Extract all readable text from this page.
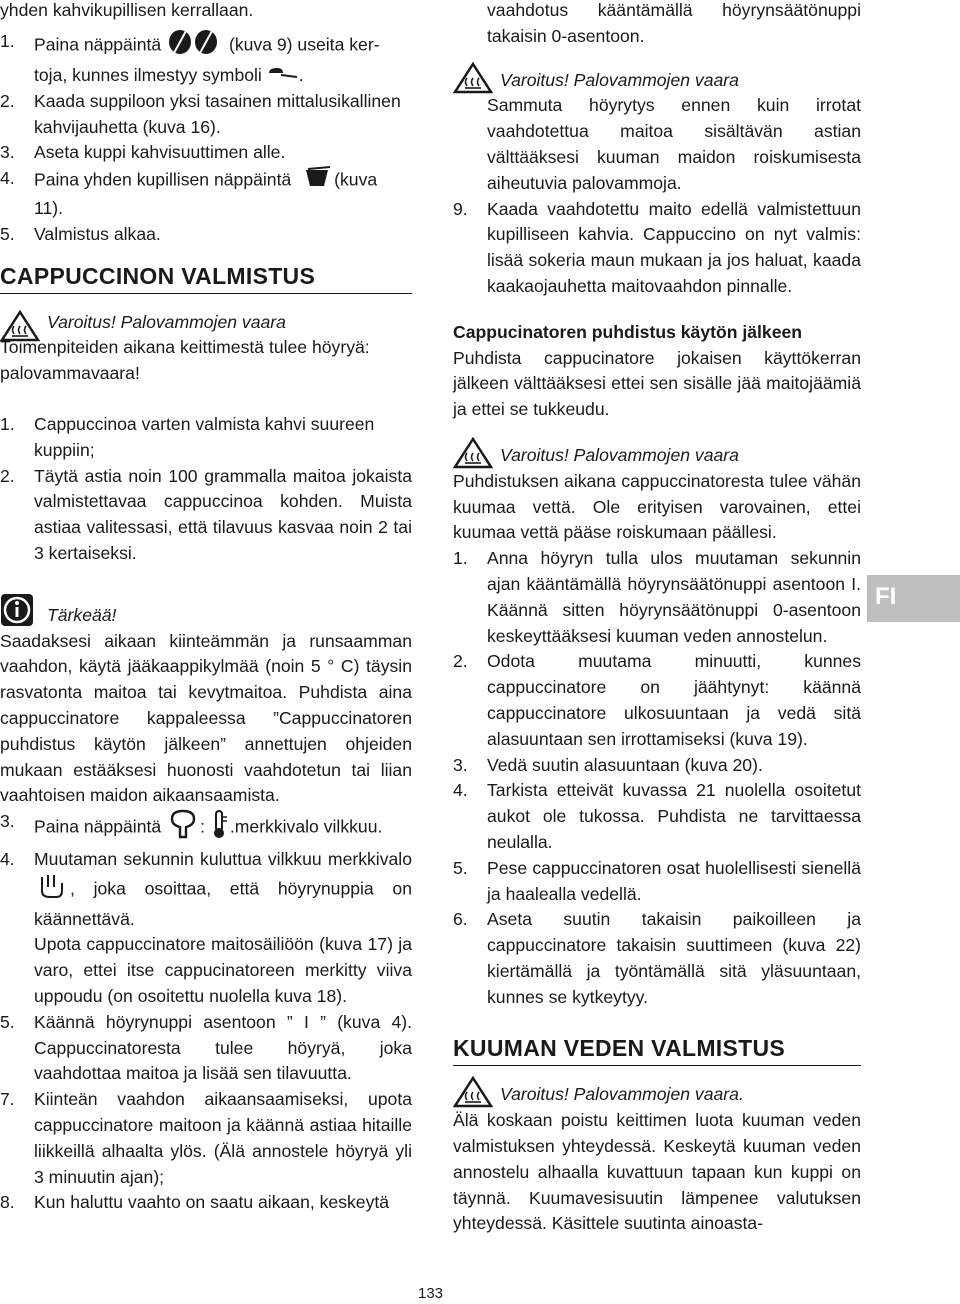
yhden kahvikupillisen kerrallaan.

1. Paina näppäintä	(kuva 9) useita ker-
toja, kunnes ilmestyy symboli .
2. Kaada suppiloon yksi tasainen mittalusikallinen kahvijauhetta (kuva 16).
3. Aseta kuppi kahvisuuttimen alle.
4. Paina yhden kupillisen näppäintä (kuva
11).
5. Valmistus alkaa.
CAPPUCCINON VALMISTUS
Varoitus! Palovammojen vaara

Toimenpiteiden aikana keittimestä tulee höyryä: palovammavaara!

1. Cappuccinoa varten valmista kahvi suureen kuppiin;
2. Täytä astia noin 100 grammalla maitoa jokaista valmistettavaa cappuccinoa kohden. Muista astiaa valitessasi, että tilavuus kasvaa noin 2 tai 3 kertaiseksi.
Tärkeää!

Saadaksesi aikaan kiinteämmän ja runsaamman vaahdon, käytä jääkaappikylmää (noin 5 ° C) täysin rasvatonta maitoa tai kevytmaitoa. Puhdista aina cappuccinatore kappaleessa ”Cappuccinatoren puhdistus käytön jälkeen” annettujen ohjeiden mukaan estääksesi huonosti vaahdotetun tai liian vaahtoisen maidon aikaansaamista.

3. Paina näppäintä : .merkkivalo vilkkuu.
4. Muutaman sekunnin kuluttua vilkkuu merkkivalo , joka osoittaa, että höyrynuppia on käännettävä.
Upota cappuccinatore maitosäiliöön (kuva 17) ja varo, ettei itse cappucinatoreen merkitty viiva uppoudu (on osoitettu nuolella kuva 18).
5. Käännä höyrynuppi asentoon ” I ” (kuva 4). Cappuccinatoresta tulee höyryä, joka vaahdottaa maitoa ja lisää sen tilavuutta.
7. Kiinteän vaahdon aikaansaamiseksi, upota cappuccinatore maitoon ja käännä astiaa hitaille liikkeillä alhaalta ylös. (Älä annostele höyryä yli 3 minuutin ajan);
8. Kun haluttu vaahto on saatu aikaan, keskeytä

vaahdotus kääntämällä höyrynsäätönuppi takaisin 0-asentoon.

Varoitus! Palovammojen vaara

Sammuta höyrytys ennen kuin irrotat vaahdotettua maitoa sisältävän astian välttääksesi kuuman maidon roiskumisesta aiheutuvia palovammoja.

9. Kaada vaahdotettu maito edellä valmistettuun kupilliseen kahvia. Cappuccino on nyt valmis: lisää sokeria maun mukaan ja jos haluat, kaada kaakaojauhetta maitovaahdon pinnalle.
Cappucinatoren puhdistus käytön jälkeen

Puhdista cappucinatore jokaisen käyttökerran jälkeen välttääksesi ettei sen sisälle jää maitojäämiä ja ettei se tukkeudu.

Varoitus! Palovammojen vaara

Puhdistuksen aikana cappuccinatoresta tulee vähän kuumaa vettä. Ole erityisen varovainen, ettei kuumaa vettä pääse roiskumaan päällesi.

1. Anna höyryn tulla ulos muutaman sekunnin ajan kääntämällä höyrynsäätönuppi asentoon I. Käännä sitten höyrynsäätönuppi 0-asentoon keskeyttääksesi kuuman veden annostelun.
2. Odota muutama minuutti, kunnes cappuccinatore on jäähtynyt: käännä cappuccinatore ulkosuuntaan ja vedä sitä alasuuntaan sen irrottamiseksi (kuva 19).
3. Vedä suutin alasuuntaan (kuva 20).
4. Tarkista etteivät kuvassa 21 nuolella osoitetut aukot ole tukossa. Puhdista ne tarvittaessa neulalla.
5. Pese cappuccinatoren osat huolellisesti sienellä ja haalealla vedellä.
6. Aseta suutin takaisin paikoilleen ja cappuccinatore takaisin suuttimeen (kuva 22) kiertämällä ja työntämällä sitä yläsuuntaan, kunnes se kytkeytyy.
KUUMAN VEDEN VALMISTUS
Varoitus! Palovammojen vaara.

Älä koskaan poistu keittimen luota kuuman veden valmistuksen yhteydessä. Keskeytä kuuman veden annostelu alhaalla kuvattuun tapaan kun kuppi on täynnä. Kuumavesisuutin lämpenee valutuksen yhteydessä. Käsittele suutinta ainoasta-

FI
133
